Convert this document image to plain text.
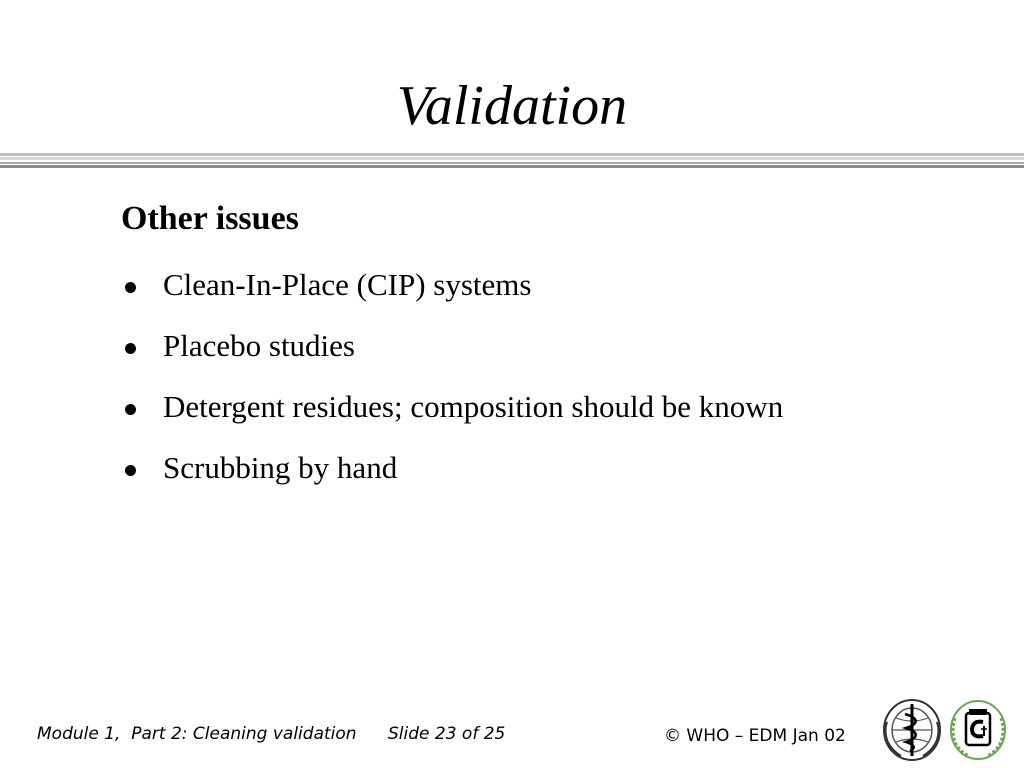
Validation
Other issues
Clean-In-Place (CIP) systems
Placebo studies
Detergent residues; composition should be known
Scrubbing by hand
Module 1,  Part 2: Cleaning validation Slide 23 of 25	© WHO – EDM Jan 02
